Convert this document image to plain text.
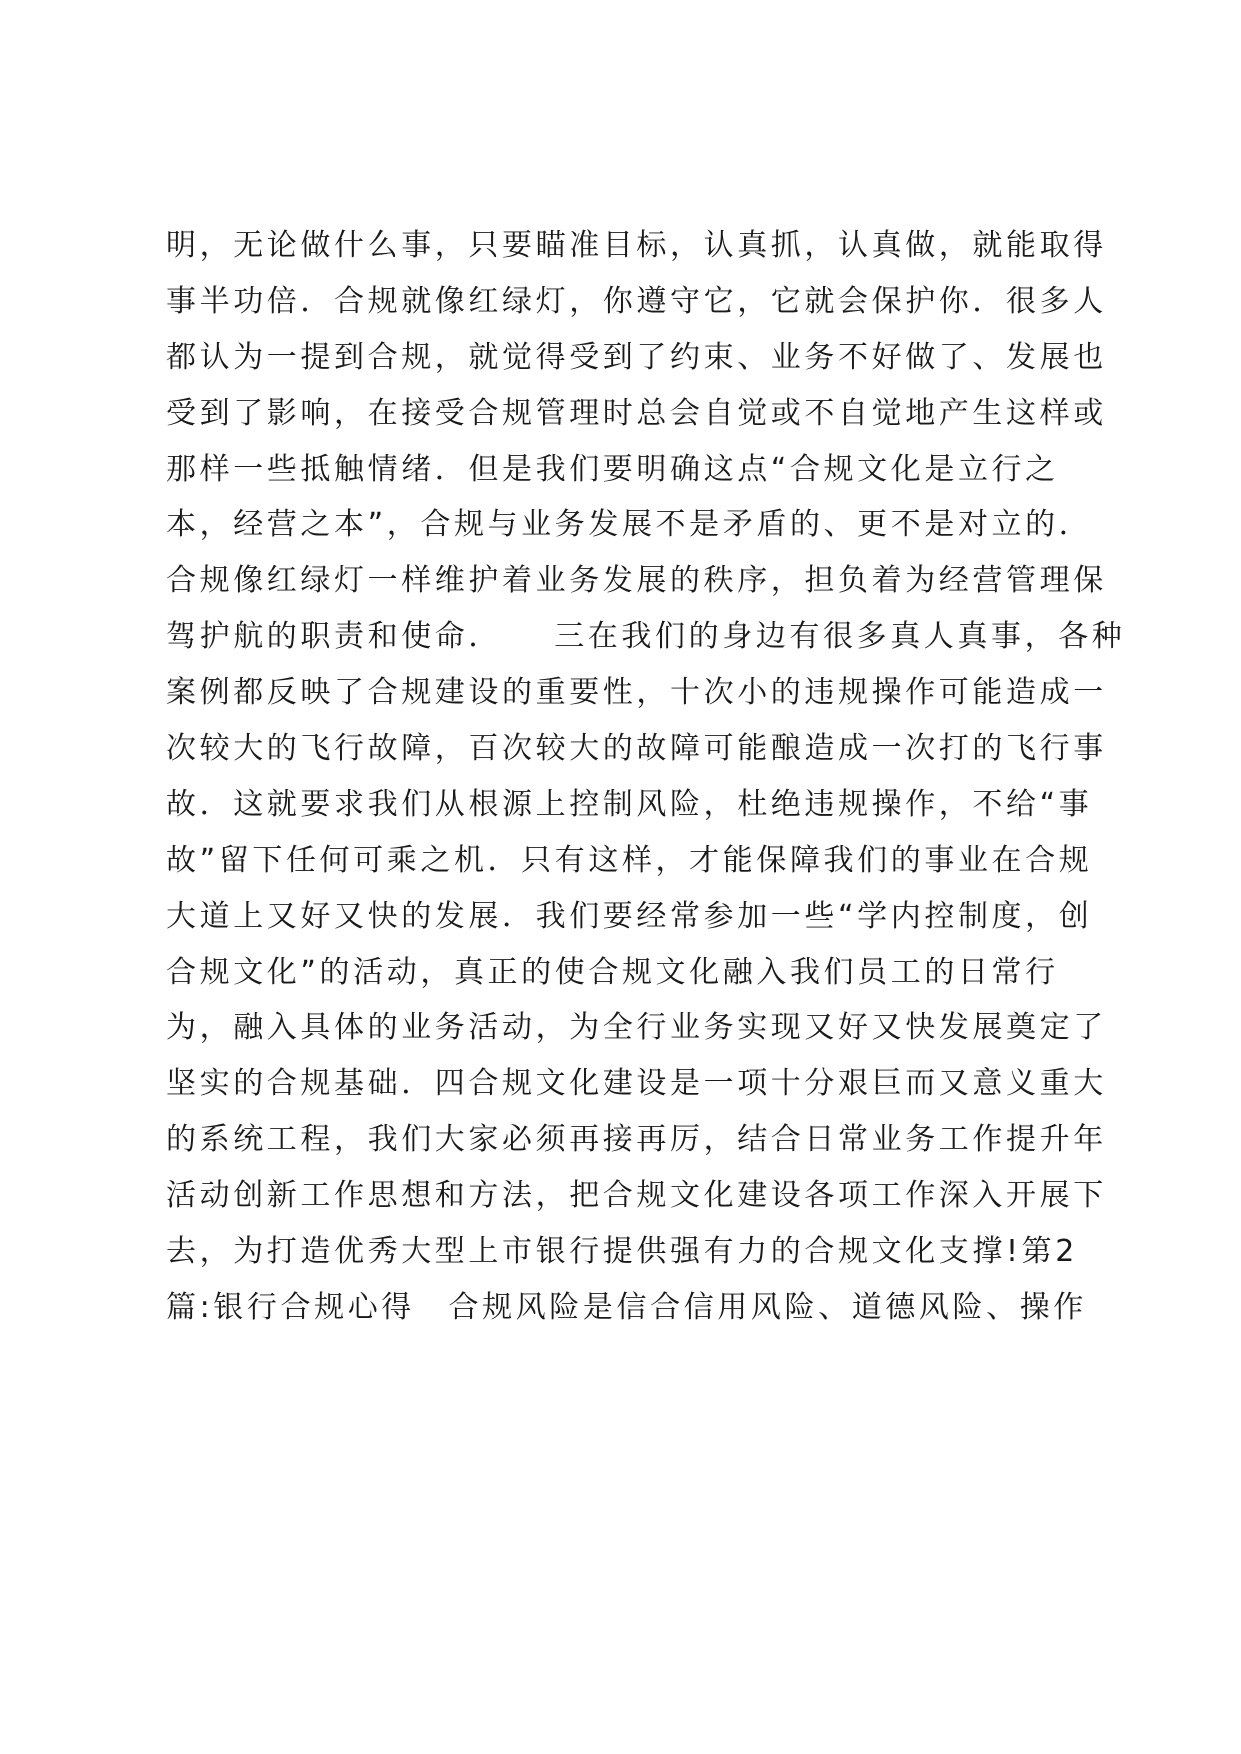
明，无论做什么事，只要瞄准目标，认真抓，认真做，就能取得
事半功倍．合规就像红绿灯，你遵守它，它就会保护你．很多人
都认为一提到合规，就觉得受到了约束、业务不好做了、发展也
受到了影响，在接受合规管理时总会自觉或不自觉地产生这样或
那样一些抵触情绪．但是我们要明确这点“合规文化是立行之
本，经营之本”，合规与业务发展不是矛盾的、更不是对立的．
合规像红绿灯一样维护着业务发展的秩序，担负着为经营管理保
驾护航的职责和使命．　　三在我们的身边有很多真人真事，各种
案例都反映了合规建设的重要性，十次小的违规操作可能造成一
次较大的飞行故障，百次较大的故障可能酿造成一次打的飞行事
故．这就要求我们从根源上控制风险，杜绝违规操作，不给“事
故”留下任何可乘之机．只有这样，才能保障我们的事业在合规
大道上又好又快的发展．我们要经常参加一些“学内控制度，创
合规文化”的活动，真正的使合规文化融入我们员工的日常行
为，融入具体的业务活动，为全行业务实现又好又快发展奠定了
坚实的合规基础．四合规文化建设是一项十分艰巨而又意义重大
的系统工程，我们大家必须再接再厉，结合日常业务工作提升年
活动创新工作思想和方法，把合规文化建设各项工作深入开展下
去，为打造优秀大型上市银行提供强有力的合规文化支撑!第2
篇:银行合规心得　合规风险是信合信用风险、道德风险、操作
